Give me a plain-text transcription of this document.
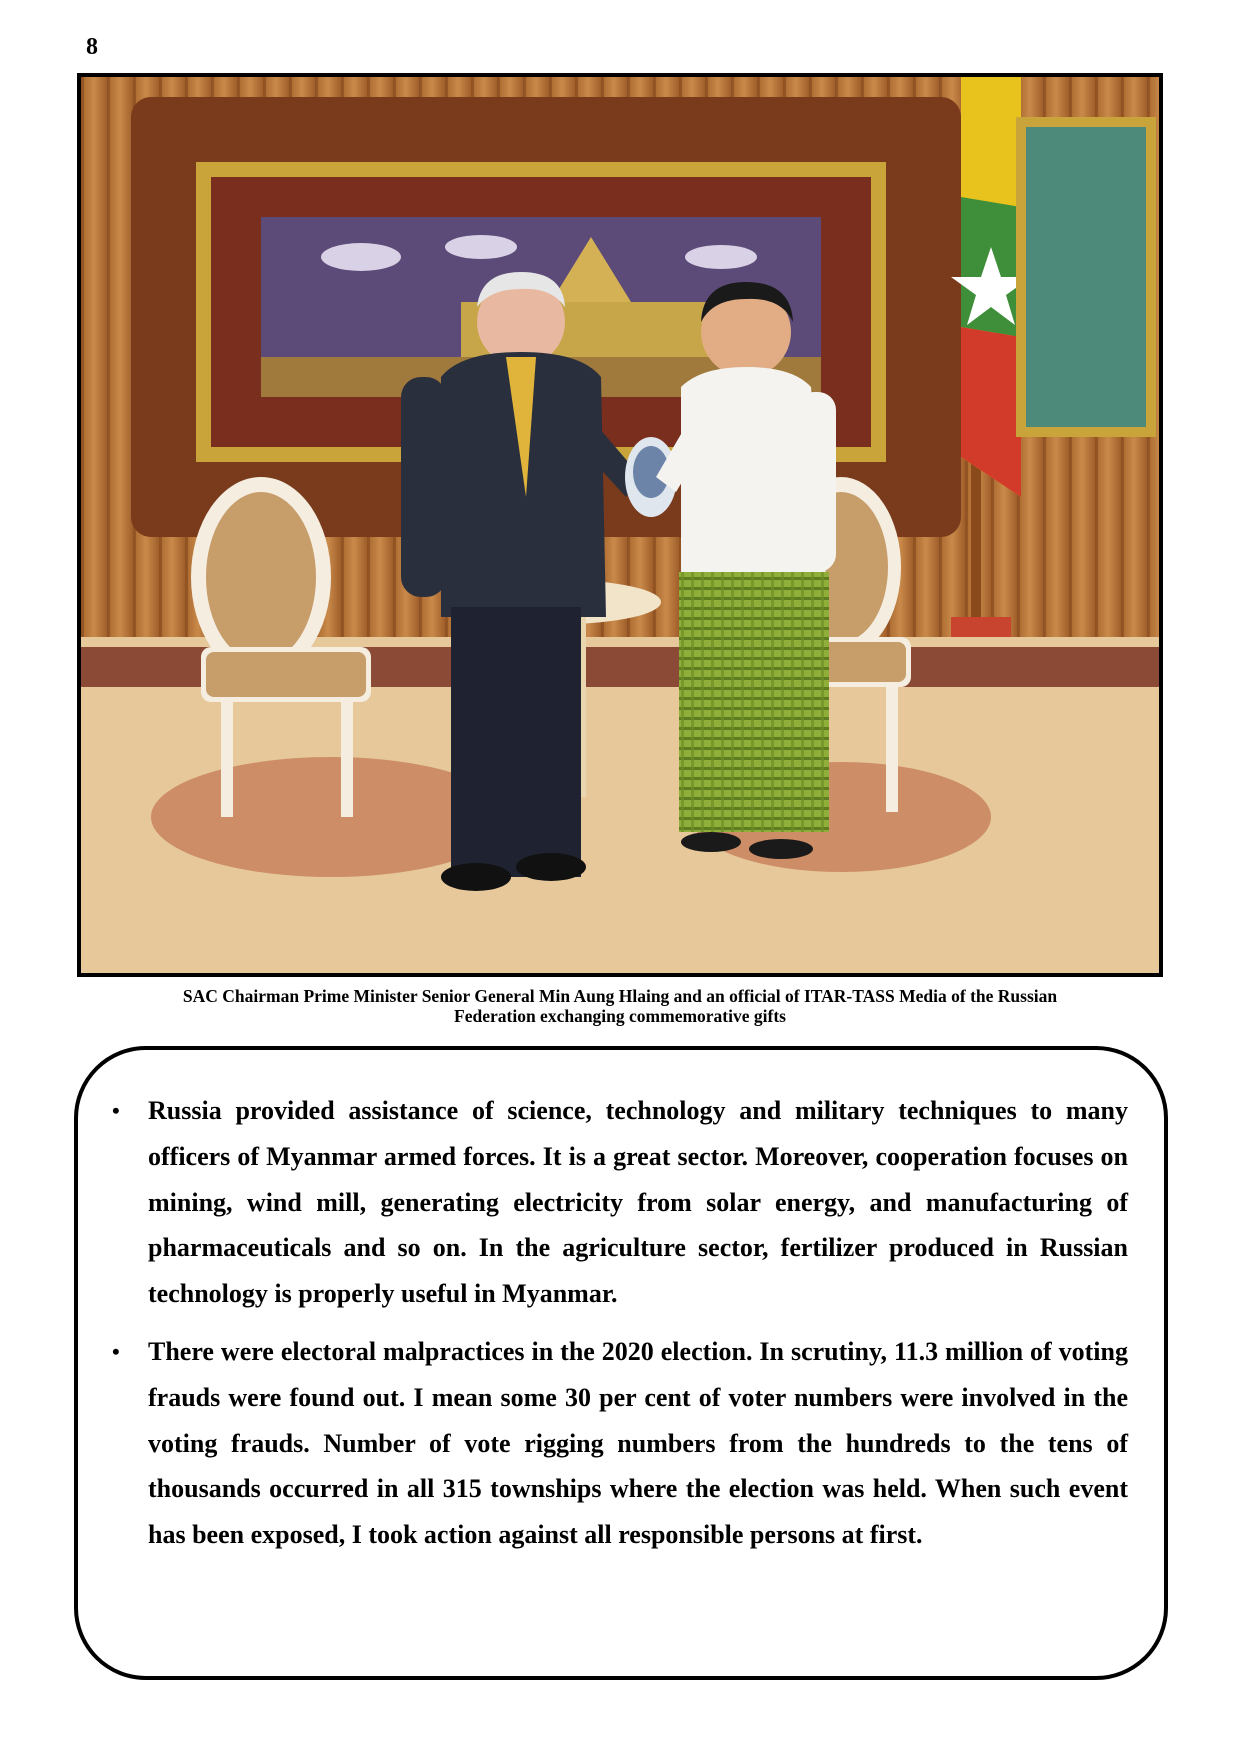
8
SAC Chairman Prime Minister Senior General Min Aung Hlaing and an official of ITAR-TASS Media of the Russian
Federation exchanging commemorative gifts
• Russia provided assistance of science, technology and military techniques to many officers of Myanmar armed forces. It is a great sector. Moreover, cooperation focuses on mining, wind mill, generating electricity from solar energy, and manufacturing of pharmaceuticals and so on. In the agriculture sector, fertilizer produced in Russian technology is properly useful in Myanmar.
• There were electoral malpractices in the 2020 election. In scrutiny, 11.3 million of voting frauds were found out. I mean some 30 per cent of voter numbers were involved in the voting frauds. Number of vote rigging numbers from the hundreds to the tens of thousands occurred in all 315 townships where the election was held. When such event has been exposed, I took action against all responsible persons at first.
